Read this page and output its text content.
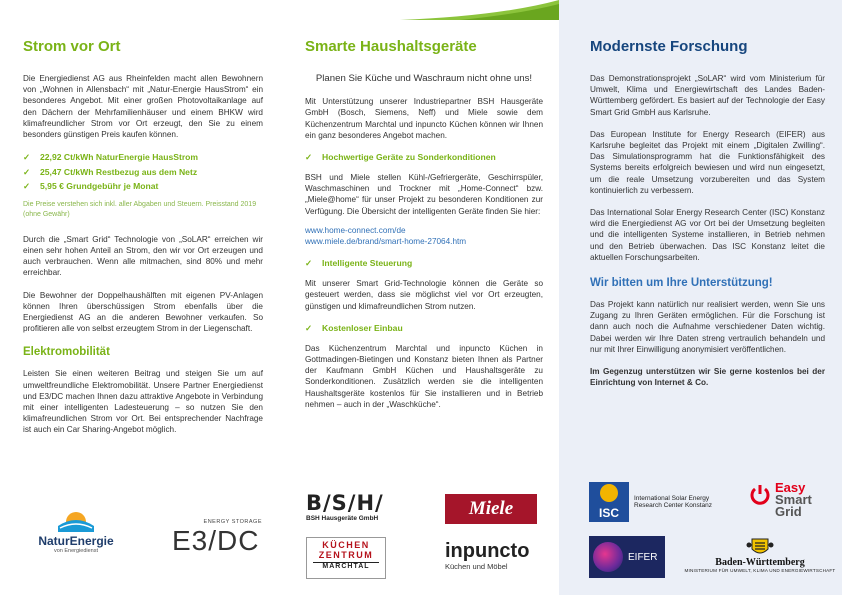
Strom vor Ort

Die Energiedienst AG aus Rheinfelden macht allen Bewohnern von „Wohnen in Allensbach“ mit „Natur-Energie HausStrom“ ein besonderes Angebot. Mit einer großen Photovoltaikanlage auf den Dächern der Mehrfamilienhäuser und einem BHKW wird klimafreundlicher Strom vor Ort erzeugt, den Sie zu einem besonders günstigen Preis kaufen können.

✓ 22,92 Ct/kWh NaturEnergie HausStrom
✓ 25,47 Ct/kWh Restbezug aus dem Netz
✓ 5,95 € Grundgebühr je Monat
Die Preise verstehen sich inkl. aller Abgaben und Steuern. Preisstand 2019 (ohne Gewähr)

Durch die „Smart Grid“ Technologie von „SoLAR“ erreichen wir einen sehr hohen Anteil an Strom, den wir vor Ort erzeugen und auch verbrauchen. Wenn alle mitmachen, sind 80% und mehr erreichbar.

Die Bewohner der Doppelhaushälften mit eigenen PV-Anlagen können Ihren überschüssigen Strom ebenfalls über die Energiedienst AG an die anderen Bewohner verkaufen. So profitieren alle von selbst erzeugtem Strom in der Liegenschaft.

Elektromobilität

Leisten Sie einen weiteren Beitrag und steigen Sie um auf umweltfreundliche Elektromobilität. Unsere Partner Energiedienst und E3/DC machen Ihnen dazu attraktive Angebote in Verbindung mit einer intelligenten Ladesteuerung – so nutzen Sie den klimafreundlichen Strom vor Ort. Bei entsprechender Nachfrage ist auch ein Car Sharing-Angebot möglich.

NaturEnergie
von Energiedienst
ENERGY STORAGE
E3/DC
Smarte Haushaltsgeräte

Planen Sie Küche und Waschraum nicht ohne uns!

Mit Unterstützung unserer Industriepartner BSH Hausgeräte GmbH (Bosch, Siemens, Neff) und Miele sowie dem Küchenzentrum Marchtal und inpuncto Küchen können wir Ihnen ein ganz besonderes Angebot machen.

✓ Hochwertige Geräte zu Sonderkonditionen

BSH und Miele stellen Kühl-/Gefriergeräte, Geschirrspüler, Waschmaschinen und Trockner mit „Home-Connect“ bzw. „Miele@home“ für unser Projekt zu besonderen Konditionen zur Verfügung. Die Übersicht der intelligenten Geräte finden Sie hier:

www.home-connect.com/de
www.miele.de/brand/smart-home-27064.htm
✓ Intelligente Steuerung

Mit unserer Smart Grid-Technologie können die Geräte so gesteuert werden, dass sie möglichst viel vor Ort erzeugten, günstigen und klimafreundlichen Strom nutzen.

✓ Kostenloser Einbau

Das Küchenzentrum Marchtal und inpuncto Küchen in Gottmadingen-Bietingen und Konstanz bieten Ihnen als Partner der Kaufmann GmbH Küchen und Haushaltsgeräte zu Sonderkonditionen. Zusätzlich werden sie die intelligenten Haushaltsgeräte kostenlos für Sie installieren und in Betrieb nehmen – auch in der „Waschküche“.

B/S/H/
BSH Hausgeräte GmbH	Miele
KÜCHEN
ZENTRUM
MARCHTAL
inpuncto
Küchen und Möbel
Modernste Forschung

Das Demonstrationsprojekt „SoLAR“ wird vom Ministerium für Umwelt, Klima und Energiewirtschaft des Landes Baden-Württemberg gefördert. Es basiert auf der Technologie der Easy Smart Grid GmbH aus Karlsruhe.

Das European Institute for Energy Research (EIFER) aus Karlsruhe begleitet das Projekt mit einem „Digitalen Zwilling“. Das Simulationsprogramm hat die Funktionsfähigkeit des Systems bereits erfolgreich bewiesen und wird nun eingesetzt, um die reale Umsetzung vorzubereiten und das System kontinuierlich zu verbessern.

Das International Solar Energy Research Center (ISC) Konstanz wird die Energiedienst AG vor Ort bei der Umsetzung begleiten und die intelligenten Systeme installieren, in Betrieb nehmen und den Betrieb überwachen. Das ISC Konstanz leitet die aktuellen Forschungsarbeiten.

Wir bitten um Ihre Unterstützung!

Das Projekt kann natürlich nur realisiert werden, wenn Sie uns Zugang zu Ihren Geräten ermöglichen. Für die Forschung ist dann auch noch die Aufnahme verschiedener Daten wichtig. Dabei werden wir Ihre Daten streng vertraulich behandeln und nur mit Ihrer Einwilligung anonymisiert veröffentlichen.

Im Gegenzug unterstützen wir Sie gerne kostenlos bei der Einrichtung von Internet & Co.

ISC
International Solar Energy
Research Center Konstanz
Easy
Smart
Grid
EIFER	Baden-Württemberg
MINISTERIUM FÜR UMWELT, KLIMA UND ENERGIEWIRTSCHAFT
